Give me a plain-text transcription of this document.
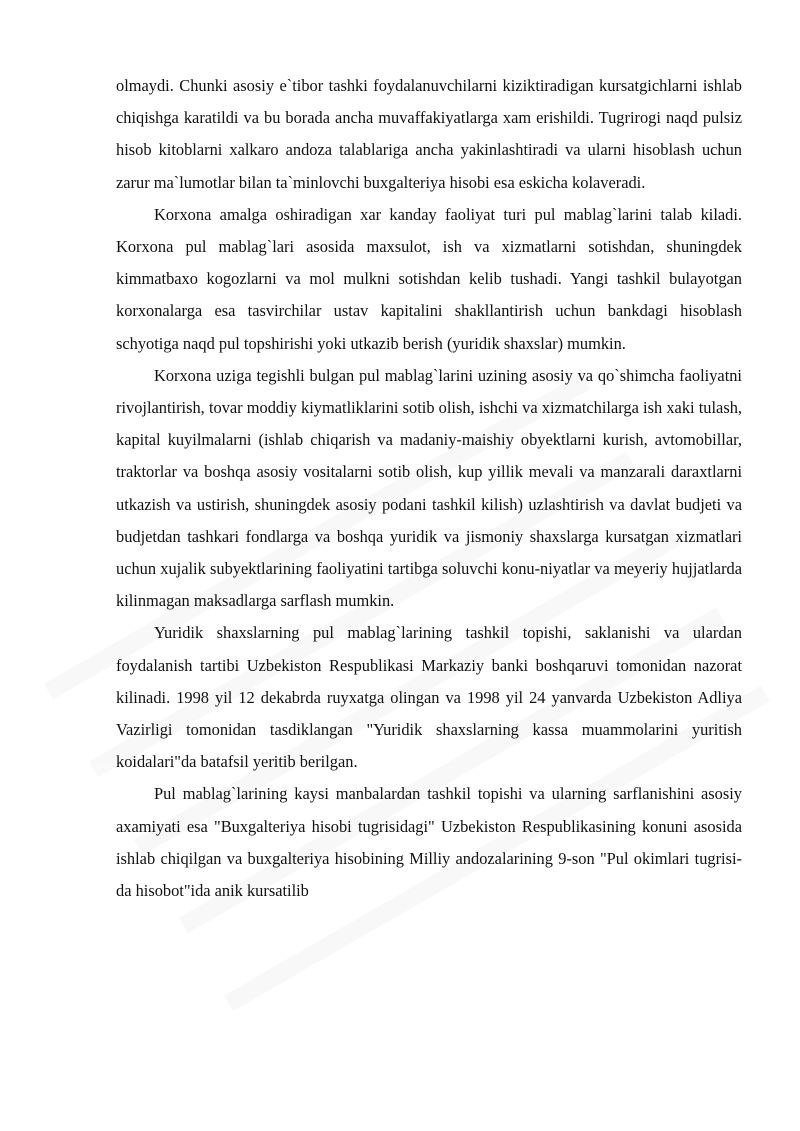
olmaydi. Chunki asosiy e`tibor tashki foydalanuvchilarni kiziktiradigan kursatgichlarni ishlab chiqishga karatildi va bu borada ancha muvaffakiyatlarga xam erishildi. Tugrirogi naqd pulsiz hisob kitoblarni xalkaro andoza talablariga ancha yakinlashtiradi va ularni hisoblash uchun zarur ma`lumotlar bilan ta`minlovchi buxgalteriya hisobi esa eskicha kolaveradi.

Korxona amalga oshiradigan xar kanday faoliyat turi pul mablag`larini talab kiladi. Korxona pul mablag`lari asosida maxsulot, ish va xizmatlarni sotishdan, shuningdek kimmatbaxo kogozlarni va mol mulkni sotishdan kelib tushadi. Yangi tashkil bulayotgan korxonalarga esa tasvirchilar ustav kapitalini shakllantirish uchun bankdagi hisoblash schyotiga naqd pul topshirishi yoki utkazib berish (yuridik shaxslar) mumkin.

Korxona uziga tegishli bulgan pul mablag`larini uzining asosiy va qo`shimcha faoliyatni rivojlantirish, tovar moddiy kiymatliklarini sotib olish, ishchi va xizmatchilarga ish xaki tulash, kapital kuyilmalarni (ishlab chiqarish va madaniy-maishiy obyektlarni kurish, avtomobillar, traktorlar va boshqa asosiy vositalarni sotib olish, kup yillik mevali va manzarali daraxtlarni utkazish va ustirish, shuningdek asosiy podani tashkil kilish) uzlashtirish va davlat budjeti va budjetdan tashkari fondlarga va boshqa yuridik va jismoniy shaxslarga kursatgan xizmatlari uchun xujalik subyektlarining faoliyatini tartibga soluvchi konu-niyatlar va meyeriy hujjatlarda kilinmagan maksadlarga sarflash mumkin.

Yuridik shaxslarning pul mablag`larining tashkil topishi, saklanishi va ulardan foydalanish tartibi Uzbekiston Respublikasi Markaziy banki boshqaruvi tomonidan nazorat kilinadi. 1998 yil 12 dekabrda ruyxatga olingan va 1998 yil 24 yanvarda Uzbekiston Adliya Vazirligi tomonidan tasdiklangan "Yuridik shaxslarning kassa muammolarini yuritish koidalari"da batafsil yeritib berilgan.

Pul mablag`larining kaysi manbalardan tashkil topishi va ularning sarflanishini asosiy axamiyati esa "Buxgalteriya hisobi tugrisidagi" Uzbekiston Respublikasining konuni asosida ishlab chiqilgan va buxgalteriya hisobining Milliy andozalarining 9-son "Pul okimlari tugrisi-da hisobot"ida anik kursatilib
